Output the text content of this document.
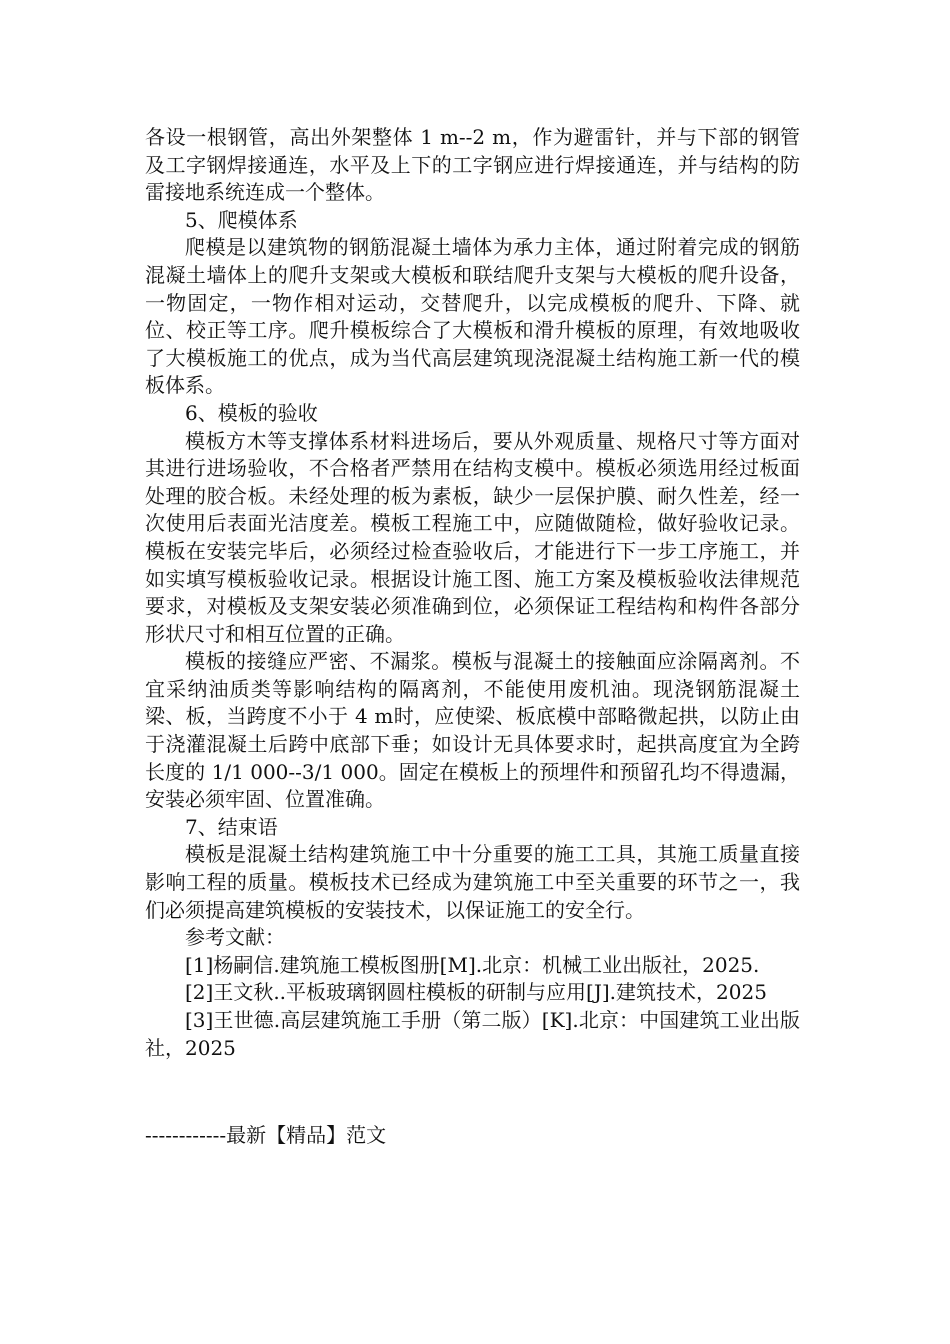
各设一根钢管，高出外架整体 1 m--2 m，作为避雷针，并与下部的钢管及工字钢焊接通连，水平及上下的工字钢应进行焊接通连，并与结构的防雷接地系统连成一个整体。

5、爬模体系

爬模是以建筑物的钢筋混凝土墙体为承力主体，通过附着完成的钢筋混凝土墙体上的爬升支架或大模板和联结爬升支架与大模板的爬升设备，一物固定，一物作相对运动，交替爬升，以完成模板的爬升、下降、就位、校正等工序。爬升模板综合了大模板和滑升模板的原理，有效地吸收了大模板施工的优点，成为当代高层建筑现浇混凝土结构施工新一代的模板体系。

6、模板的验收

模板方木等支撑体系材料进场后，要从外观质量、规格尺寸等方面对其进行进场验收，不合格者严禁用在结构支模中。模板必须选用经过板面处理的胶合板。未经处理的板为素板，缺少一层保护膜、耐久性差，经一次使用后表面光洁度差。模板工程施工中，应随做随检，做好验收记录。模板在安装完毕后，必须经过检查验收后，才能进行下一步工序施工，并如实填写模板验收记录。根据设计施工图、施工方案及模板验收法律规范要求，对模板及支架安装必须准确到位，必须保证工程结构和构件各部分形状尺寸和相互位置的正确。

模板的接缝应严密、不漏浆。模板与混凝土的接触面应涂隔离剂。不宜采纳油质类等影响结构的隔离剂，不能使用废机油。现浇钢筋混凝土梁、板，当跨度不小于 4 m时，应使梁、板底模中部略微起拱，以防止由于浇灌混凝土后跨中底部下垂；如设计无具体要求时，起拱高度宜为全跨长度的 1/1 000--3/1 000。固定在模板上的预埋件和预留孔均不得遗漏，安装必须牢固、位置准确。

7、结束语

模板是混凝土结构建筑施工中十分重要的施工工具，其施工质量直接影响工程的质量。模板技术已经成为建筑施工中至关重要的环节之一，我们必须提高建筑模板的安装技术，以保证施工的安全行。

参考文献：

[1]杨嗣信.建筑施工模板图册[M].北京：机械工业出版社，2025.

[2]王文秋..平板玻璃钢圆柱模板的研制与应用[J].建筑技术，2025

[3]王世德.高层建筑施工手册（第二版）[K].北京：中国建筑工业出版社，2025

------------最新【精品】范文
